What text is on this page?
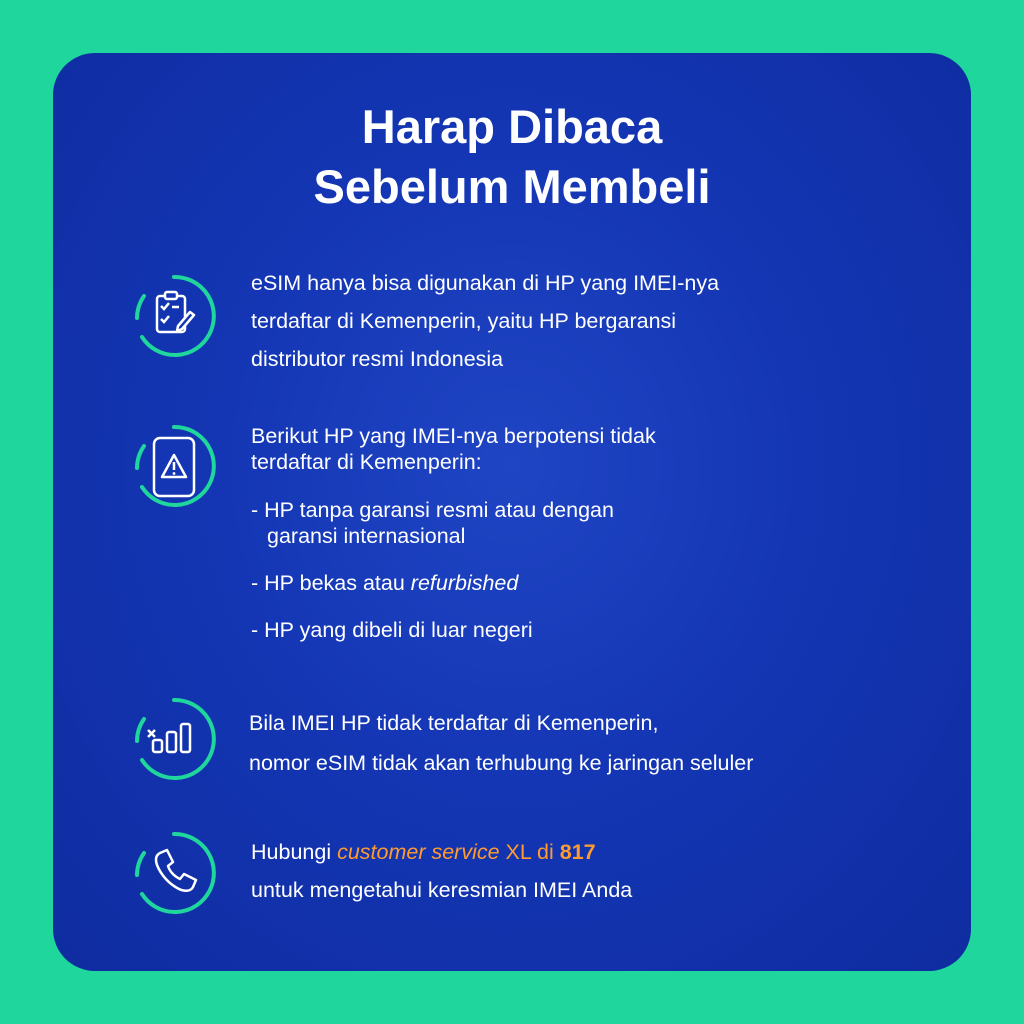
Harap Dibaca
Sebelum Membeli
eSIM hanya bisa digunakan di HP yang IMEI-nya
terdaftar di Kemenperin, yaitu HP bergaransi
distributor resmi Indonesia
Berikut HP yang IMEI-nya berpotensi tidak
terdaftar di Kemenperin:
- HP tanpa garansi resmi atau dengan
garansi internasional
- HP bekas atau refurbished
- HP yang dibeli di luar negeri
Bila IMEI HP tidak terdaftar di Kemenperin,
nomor eSIM tidak akan terhubung ke jaringan seluler
Hubungi customer service XL di 817
untuk mengetahui keresmian IMEI Anda
